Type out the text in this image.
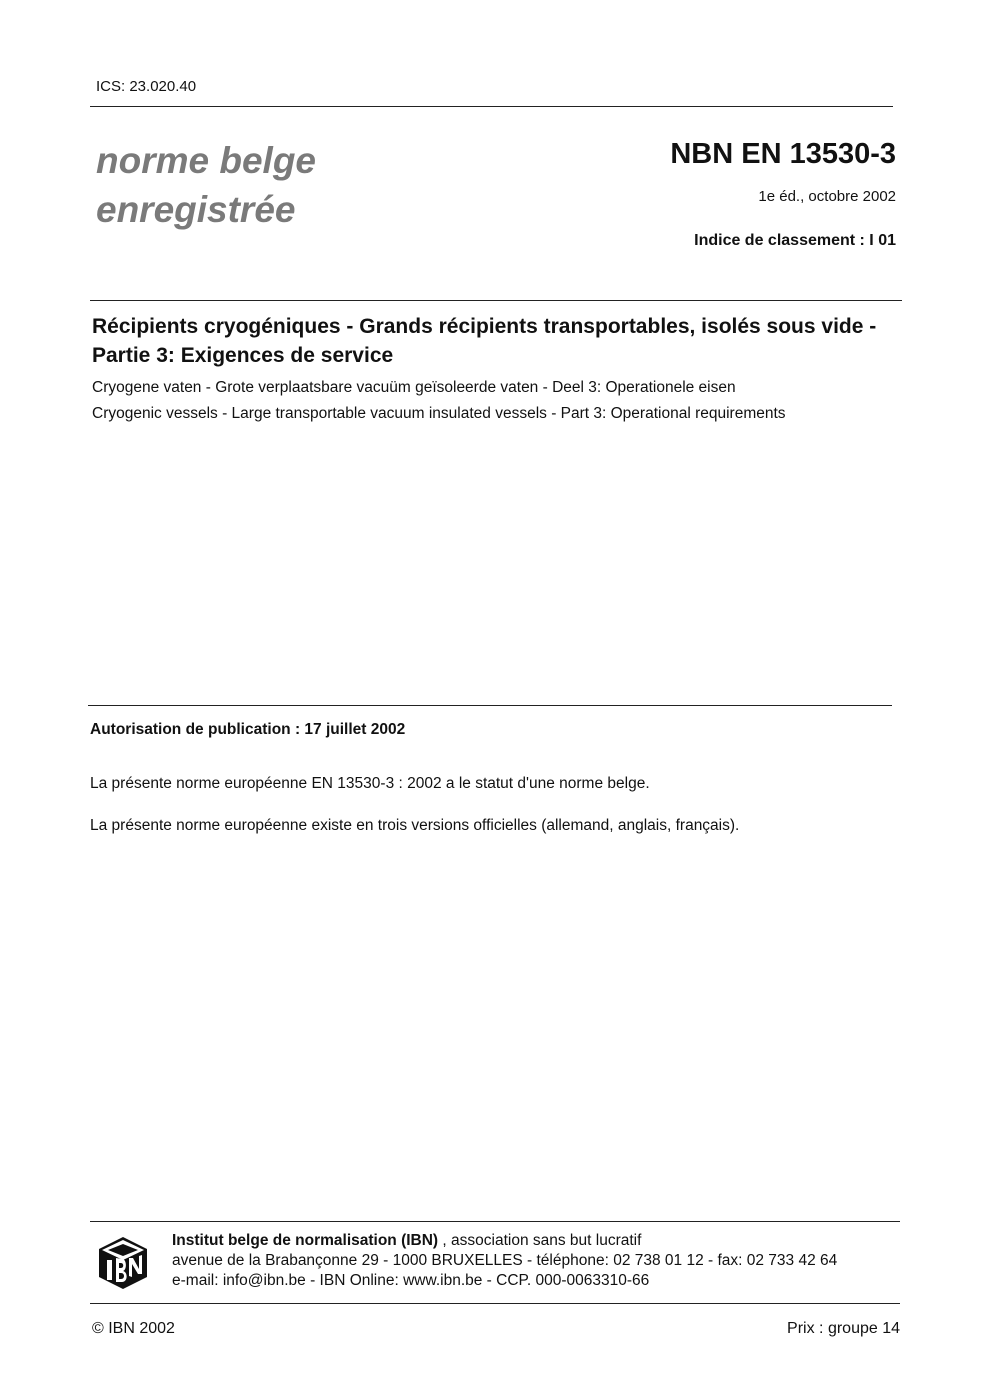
ICS: 23.020.40
norme belge
enregistrée
NBN EN 13530-3
1e éd., octobre 2002
Indice de classement : I 01
Récipients cryogéniques - Grands récipients transportables, isolés sous vide - Partie 3: Exigences de service
Cryogene vaten - Grote verplaatsbare vacuüm geïsoleerde vaten - Deel 3: Operationele eisen
Cryogenic vessels - Large transportable vacuum insulated vessels - Part 3: Operational requirements
Autorisation de publication : 17 juillet 2002
La présente norme européenne EN 13530-3 : 2002 a le statut d'une norme belge.
La présente norme européenne existe en trois versions officielles (allemand, anglais, français).
Institut belge de normalisation (IBN) , association sans but lucratif
avenue de la Brabançonne 29 - 1000 BRUXELLES - téléphone: 02 738 01 12 - fax: 02 733 42 64
e-mail: info@ibn.be - IBN Online: www.ibn.be - CCP. 000-0063310-66
© IBN 2002	Prix : groupe 14
